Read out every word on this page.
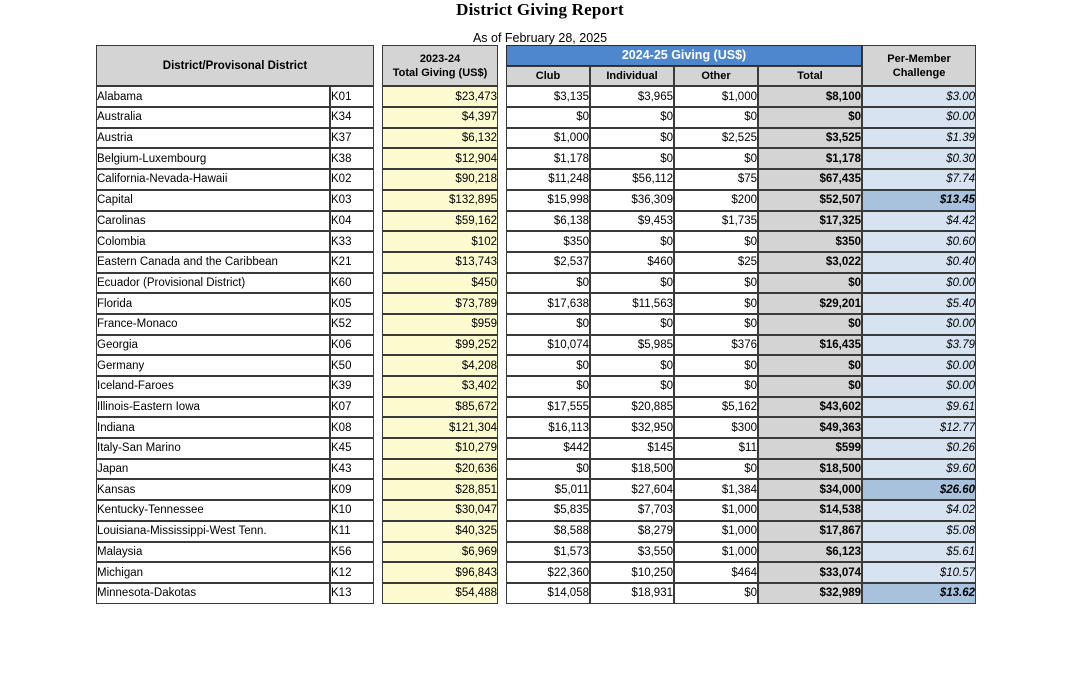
District Giving Report
As of February 28, 2025
District/Provisonal District			2023-24
Total Giving (US$)		2024-25 Giving (US$)				Per-Member
Challenge
					Club	Individual	Other	Total	
Alabama	K01		$23,473		$3,135	$3,965	$1,000	$8,100	$3.00
Australia	K34		$4,397		$0	$0	$0	$0	$0.00
Austria	K37		$6,132		$1,000	$0	$2,525	$3,525	$1.39
Belgium-Luxembourg	K38		$12,904		$1,178	$0	$0	$1,178	$0.30
California-Nevada-Hawaii	K02		$90,218		$11,248	$56,112	$75	$67,435	$7.74
Capital	K03		$132,895		$15,998	$36,309	$200	$52,507	$13.45
Carolinas	K04		$59,162		$6,138	$9,453	$1,735	$17,325	$4.42
Colombia	K33		$102		$350	$0	$0	$350	$0.60
Eastern Canada and the Caribbean	K21		$13,743		$2,537	$460	$25	$3,022	$0.40
Ecuador (Provisional District)	K60		$450		$0	$0	$0	$0	$0.00
Florida	K05		$73,789		$17,638	$11,563	$0	$29,201	$5.40
France-Monaco	K52		$959		$0	$0	$0	$0	$0.00
Georgia	K06		$99,252		$10,074	$5,985	$376	$16,435	$3.79
Germany	K50		$4,208		$0	$0	$0	$0	$0.00
Iceland-Faroes	K39		$3,402		$0	$0	$0	$0	$0.00
Illinois-Eastern Iowa	K07		$85,672		$17,555	$20,885	$5,162	$43,602	$9.61
Indiana	K08		$121,304		$16,113	$32,950	$300	$49,363	$12.77
Italy-San Marino	K45		$10,279		$442	$145	$11	$599	$0.26
Japan	K43		$20,636		$0	$18,500	$0	$18,500	$9.60
Kansas	K09		$28,851		$5,011	$27,604	$1,384	$34,000	$26.60
Kentucky-Tennessee	K10		$30,047		$5,835	$7,703	$1,000	$14,538	$4.02
Louisiana-Mississippi-West Tenn.	K11		$40,325		$8,588	$8,279	$1,000	$17,867	$5.08
Malaysia	K56		$6,969		$1,573	$3,550	$1,000	$6,123	$5.61
Michigan	K12		$96,843		$22,360	$10,250	$464	$33,074	$10.57
Minnesota-Dakotas	K13		$54,488		$14,058	$18,931	$0	$32,989	$13.62
